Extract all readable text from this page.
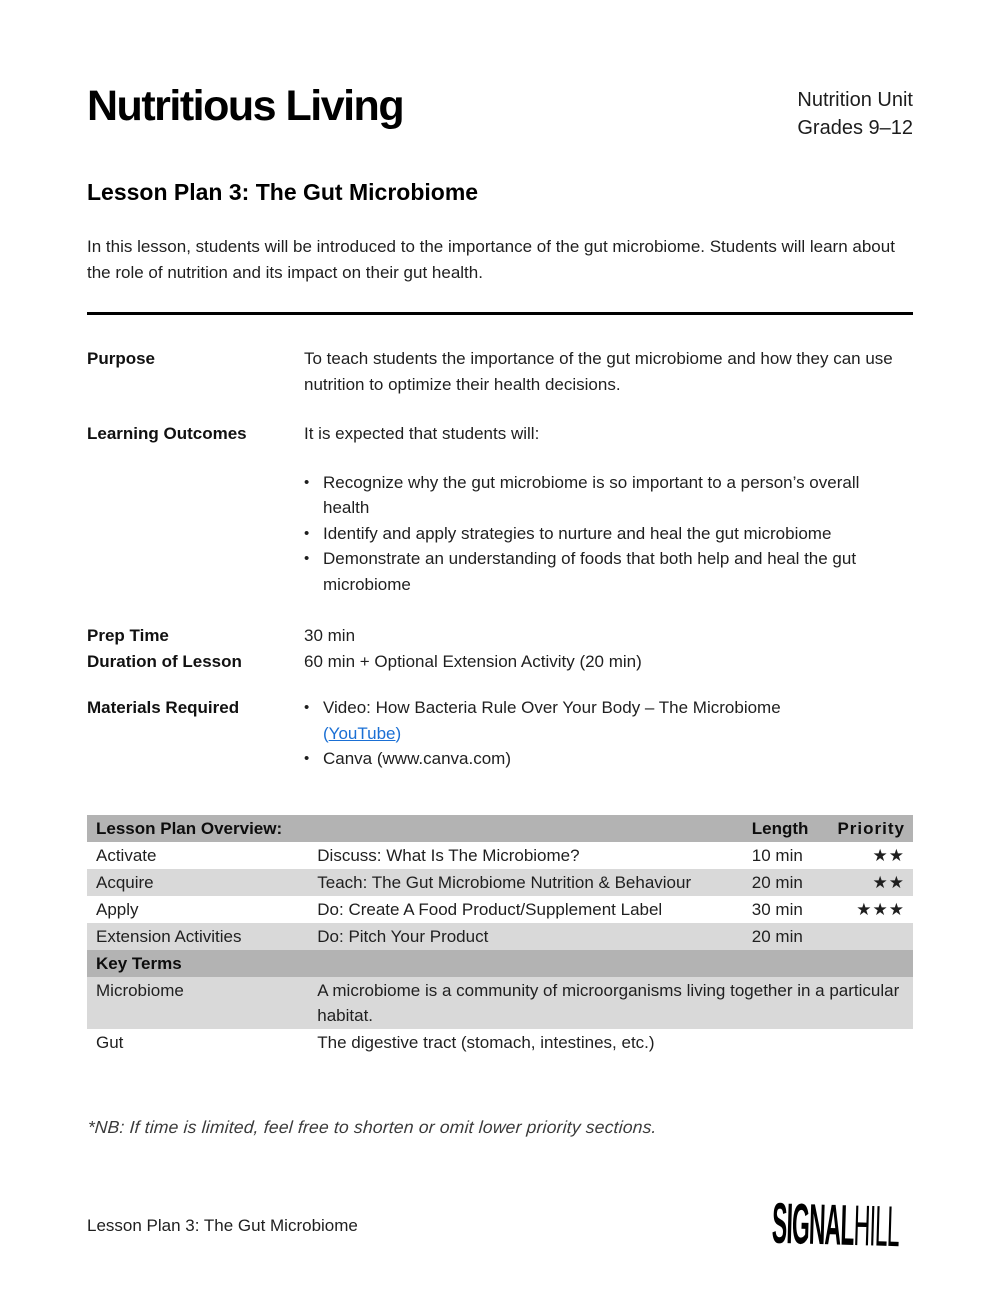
Nutritious Living	Nutrition Unit
Grades 9–12
Lesson Plan 3: The Gut Microbiome

In this lesson, students will be introduced to the importance of the gut microbiome. Students will learn about the role of nutrition and its impact on their gut health.

Purpose	To teach students the importance of the gut microbiome and how they can use nutrition to optimize their health decisions.
Learning Outcomes	It is expected that students will:
• Recognize why the gut microbiome is so important to a person’s overall health
• Identify and apply strategies to nurture and heal the gut microbiome
• Demonstrate an understanding of foods that both help and heal the gut microbiome
Prep Time	30 min
Duration of Lesson	60 min + Optional Extension Activity (20 min)
Materials Required	• Video: How Bacteria Rule Over Your Body – The Microbiome
(YouTube)
• Canva (www.canva.com)
Lesson Plan Overview:		Length	Priority
Activate	Discuss: What Is The Microbiome?	10 min	★★
Acquire	Teach: The Gut Microbiome Nutrition & Behaviour	20 min	★★
Apply	Do: Create A Food Product/Supplement Label	30 min	★★★
Extension Activities	Do: Pitch Your Product	20 min	
Key Terms			
Microbiome	A microbiome is a community of microorganisms living together in a particular habitat.		
Gut	The digestive tract (stomach, intestines, etc.)		

*NB: If time is limited, feel free to shorten or omit lower priority sections.

Lesson Plan 3: The Gut Microbiome	SIGNALHILL
